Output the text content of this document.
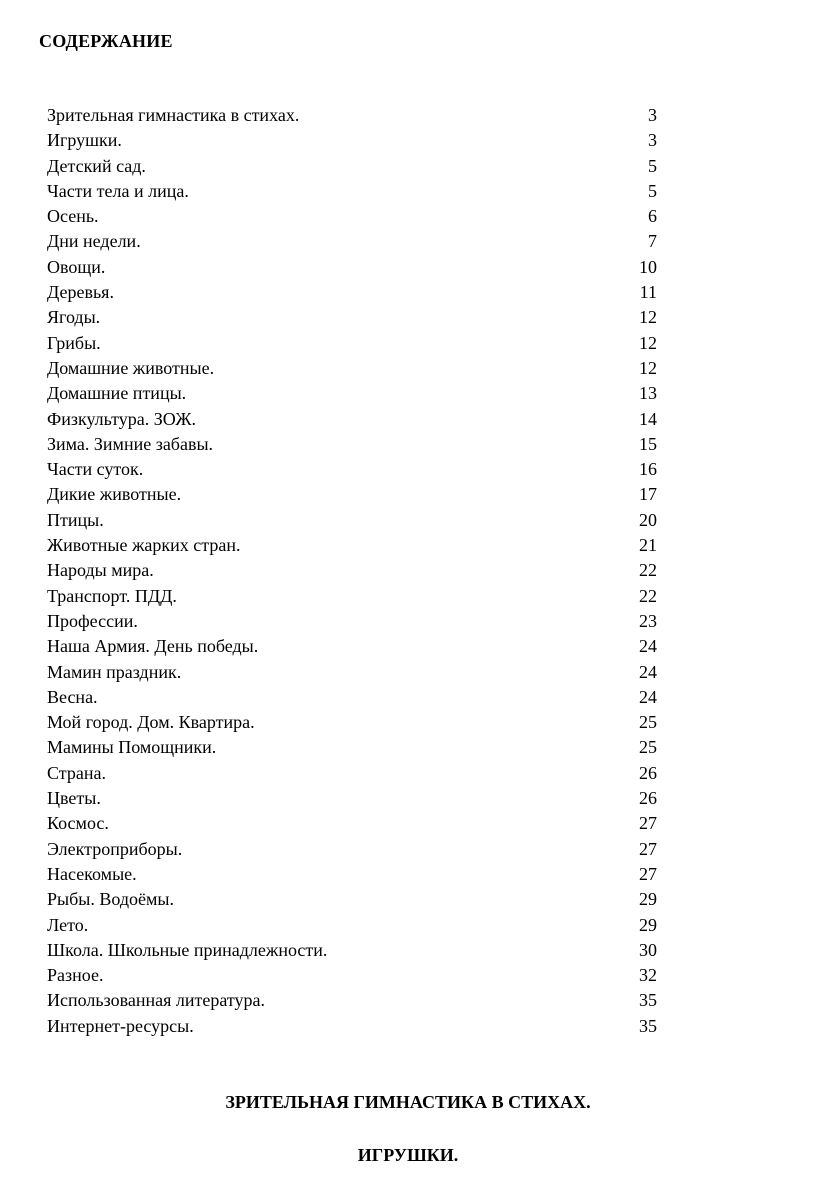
СОДЕРЖАНИЕ
Зрительная гимнастика в стихах.	3
Игрушки.	3
Детский сад.	5
Части тела и лица.	5
Осень.	6
Дни недели.	7
Овощи.	10
Деревья.	11
Ягоды.	12
Грибы.	12
Домашние животные.	12
Домашние птицы.	13
Физкультура. ЗОЖ.	14
Зима. Зимние забавы.	15
Части суток.	16
Дикие животные.	17
Птицы.	20
Животные жарких стран.	21
Народы мира.	22
Транспорт. ПДД.	22
Профессии.	23
Наша Армия. День победы.	24
Мамин праздник.	24
Весна.	24
Мой город. Дом. Квартира.	25
Мамины Помощники.	25
Страна.	26
Цветы.	26
Космос.	27
Электроприборы.	27
Насекомые.	27
Рыбы. Водоёмы.	29
Лето.	29
Школа. Школьные принадлежности.	30
Разное.	32
Использованная литература.	35
Интернет-ресурсы.	35
ЗРИТЕЛЬНАЯ ГИМНАСТИКА В СТИХАХ.
ИГРУШКИ.
